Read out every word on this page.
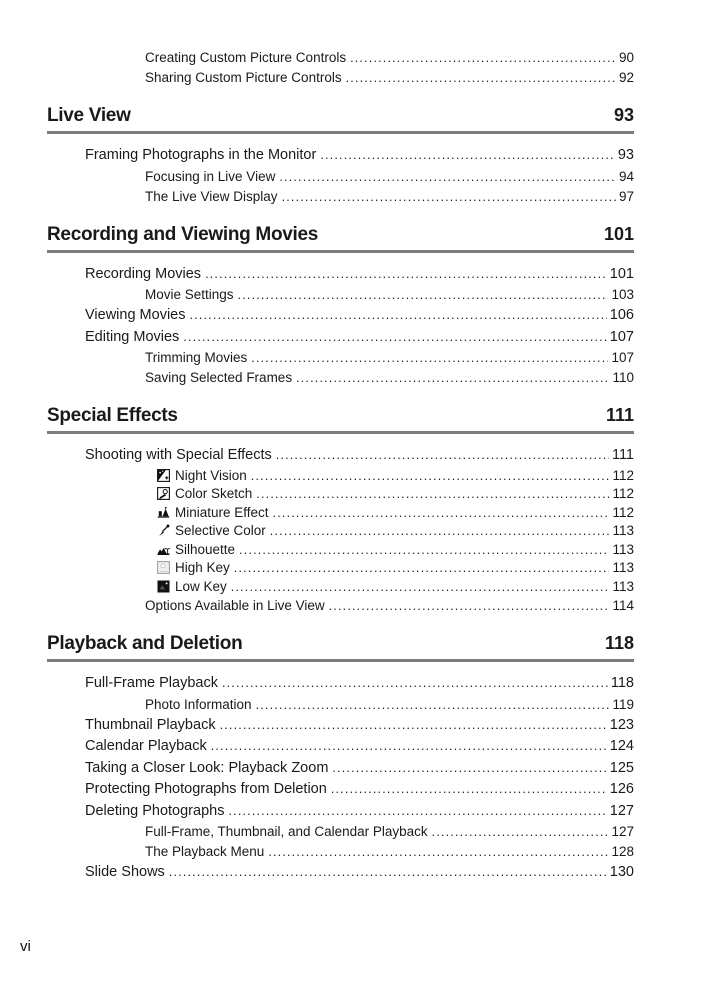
Creating Custom Picture Controls .....	90
Sharing Custom Picture Controls .....	92
Live View	93
Framing Photographs in the Monitor .....	93
Focusing in Live View .....	94
The Live View Display .....	97
Recording and Viewing Movies	101
Recording Movies .....	101
Movie Settings .....	103
Viewing Movies .....	106
Editing Movies .....	107
Trimming Movies .....	107
Saving Selected Frames .....	110
Special Effects	111
Shooting with Special Effects .....	111
Night Vision .....	112
Color Sketch .....	112
Miniature Effect .....	112
Selective Color .....	113
Silhouette .....	113
High Key .....	113
Low Key .....	113
Options Available in Live View .....	114
Playback and Deletion	118
Full-Frame Playback .....	118
Photo Information .....	119
Thumbnail Playback .....	123
Calendar Playback .....	124
Taking a Closer Look: Playback Zoom .....	125
Protecting Photographs from Deletion .....	126
Deleting Photographs .....	127
Full-Frame, Thumbnail, and Calendar Playback .....	127
The Playback Menu .....	128
Slide Shows .....	130
vi
